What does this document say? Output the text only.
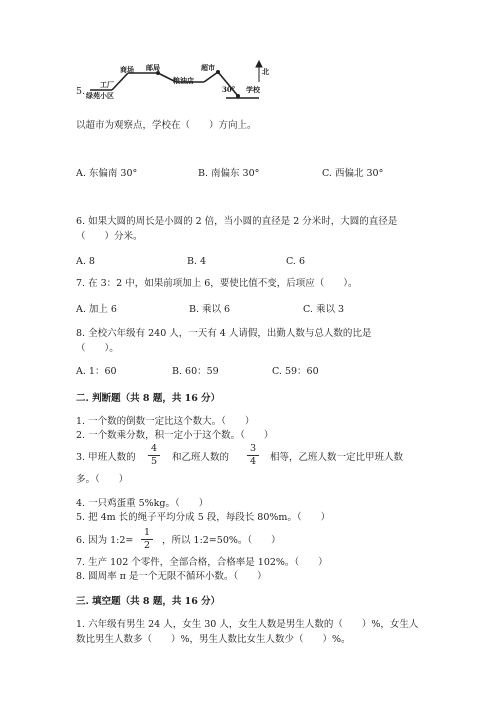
5.
商场 邮局
工厂
绿苑小区
粮油店
超市
学校
30°
北
以超市为观察点，学校在（　　）方向上。
A. 东偏南 30°	B. 南偏东 30°	C. 西偏北 30°
6. 如果大圆的周长是小圆的 2 倍，当小圆的直径是 2 分米时，大圆的直径是
（　　）分米。
A. 8	B. 4	C. 6
7. 在 3：2 中，如果前项加上 6，要使比值不变，后项应（　　）。
A. 加上 6	B. 乘以 6	C. 乘以 3
8. 全校六年级有 240 人，一天有 4 人请假，出勤人数与总人数的比是
（　　）。
A. 1：60	B. 60：59	C. 59：60
二. 判断题（共 8 题，共 16 分）
1. 一个数的倒数一定比这个数大。（　　）
2. 一个数乘分数，积一定小于这个数。（　　）
3. 甲班人数的
4
5	和乙班人数的
3
4	相等，乙班人数一定比甲班人数
多。（　　）
4. 一只鸡蛋重 5%kg。（　　）
5. 把 4m 长的绳子平均分成 5 段，每段长 80%m。（　　）
6. 因为 1:2=
1
2	，所以 1:2=50%。（　　）
7. 生产 102 个零件，全部合格，合格率是 102%。（　　）
8. 圆周率 π 是一个无限不循环小数。（　　）
三. 填空题（共 8 题，共 16 分）
1. 六年级有男生 24 人，女生 30 人，女生人数是男生人数的（　　）%，女生人
数比男生人数多（　　）%，男生人数比女生人数少（　　）%。
